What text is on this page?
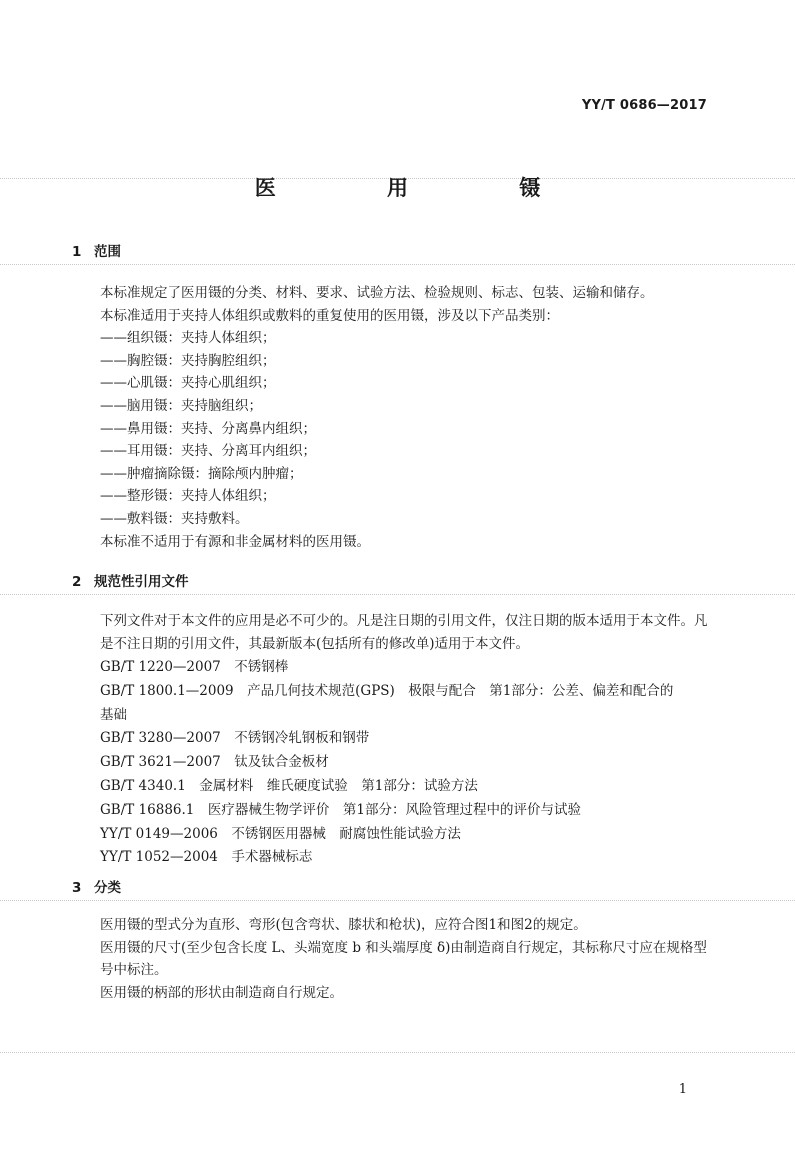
YY/T 0686—2017
医 用 镊
1 范围

本标准规定了医用镊的分类、材料、要求、试验方法、检验规则、标志、包装、运输和储存。

本标准适用于夹持人体组织或敷料的重复使用的医用镊，涉及以下产品类别：

——组织镊：夹持人体组织；

——胸腔镊：夹持胸腔组织；

——心肌镊：夹持心肌组织；

——脑用镊：夹持脑组织；

——鼻用镊：夹持、分离鼻内组织；

——耳用镊：夹持、分离耳内组织；

——肿瘤摘除镊：摘除颅内肿瘤；

——整形镊：夹持人体组织；

——敷料镊：夹持敷料。

本标准不适用于有源和非金属材料的医用镊。

2 规范性引用文件

下列文件对于本文件的应用是必不可少的。凡是注日期的引用文件，仅注日期的版本适用于本文件。凡是不注日期的引用文件，其最新版本(包括所有的修改单)适用于本文件。

GB/T 1220—2007　 不锈钢棒

GB/T 1800.1—2009　 产品几何技术规范(GPS)　极限与配合　第1部分：公差、偏差和配合的

基础

GB/T 3280—2007　 不锈钢冷轧钢板和钢带

GB/T 3621—2007　 钛及钛合金板材

GB/T 4340.1　 金属材料　维氏硬度试验　第1部分：试验方法

GB/T 16886.1　 医疗器械生物学评价　第1部分：风险管理过程中的评价与试验

YY/T 0149—2006　 不锈钢医用器械　耐腐蚀性能试验方法

YY/T 1052—2004　 手术器械标志

3 分类

医用镊的型式分为直形、弯形(包含弯状、膝状和枪状)，应符合图1和图2的规定。

医用镊的尺寸(至少包含长度 L、头端宽度 b 和头端厚度 δ)由制造商自行规定，其标称尺寸应在规格型号中标注。

医用镊的柄部的形状由制造商自行规定。

1
